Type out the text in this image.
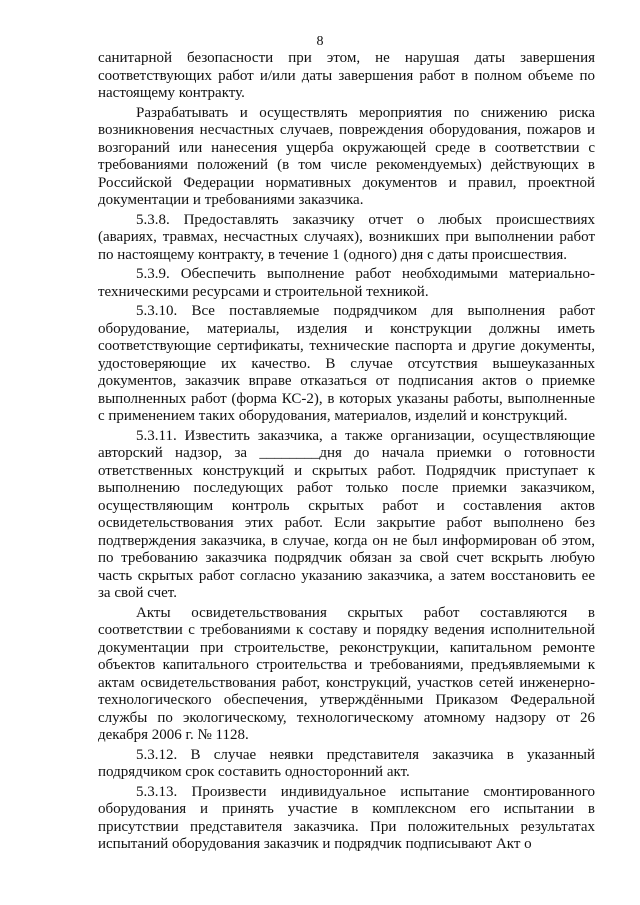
8

санитарной безопасности при этом, не нарушая даты завершения соответствующих работ и/или даты завершения работ в полном объеме по настоящему контракту.

Разрабатывать и осуществлять мероприятия по снижению риска возникновения несчастных случаев, повреждения оборудования, пожаров и возгораний или нанесения ущерба окружающей среде в соответствии с требованиями положений (в том числе рекомендуемых) действующих в Российской Федерации нормативных документов и правил, проектной документации и требованиями заказчика.

5.3.8. Предоставлять заказчику отчет о любых происшествиях (авариях, травмах, несчастных случаях), возникших при выполнении работ по настоящему контракту, в течение 1 (одного) дня с даты происшествия.

5.3.9. Обеспечить выполнение работ необходимыми материально-техническими ресурсами и строительной техникой.

5.3.10. Все поставляемые подрядчиком для выполнения работ оборудование, материалы, изделия и конструкции должны иметь соответствующие сертификаты, технические паспорта и другие документы, удостоверяющие их качество. В случае отсутствия вышеуказанных документов, заказчик вправе отказаться от подписания актов о приемке выполненных работ (форма КС-2), в которых указаны работы, выполненные с применением таких оборудования, материалов, изделий и конструкций.

5.3.11. Известить заказчика, а также организации, осуществляющие авторский надзор, за ________дня до начала приемки о готовности ответственных конструкций и скрытых работ. Подрядчик приступает к выполнению последующих работ только после приемки заказчиком, осуществляющим контроль скрытых работ и составления актов освидетельствования этих работ. Если закрытие работ выполнено без подтверждения заказчика, в случае, когда он не был информирован об этом, по требованию заказчика подрядчик обязан за свой счет вскрыть любую часть скрытых работ согласно указанию заказчика, а затем восстановить ее за свой счет.

Акты освидетельствования скрытых работ составляются в соответствии с требованиями к составу и порядку ведения исполнительной документации при строительстве, реконструкции, капитальном ремонте объектов капитального строительства и требованиями, предъявляемыми к актам освидетельствования работ, конструкций, участков сетей инженерно-технологического обеспечения, утверждёнными Приказом Федеральной службы по экологическому, технологическому атомному надзору от 26 декабря 2006 г. № 1128.

5.3.12. В случае неявки представителя заказчика в указанный подрядчиком срок составить односторонний акт.

5.3.13. Произвести индивидуальное испытание смонтированного оборудования и принять участие в комплексном его испытании в присутствии представителя заказчика. При положительных результатах испытаний оборудования заказчик и подрядчик подписывают Акт о
